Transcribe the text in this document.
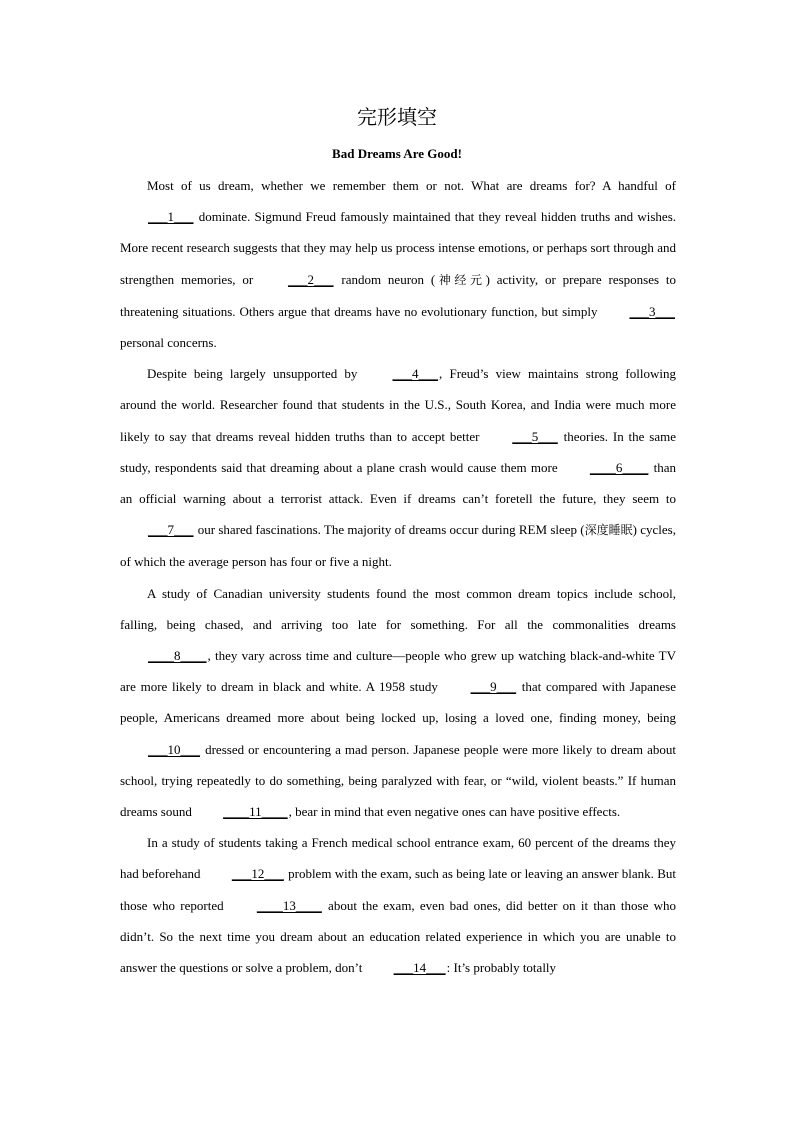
完形填空
Bad Dreams Are Good!

Most of us dream, whether we remember them or not. What are dreams for? A handful of ___1___ dominate. Sigmund Freud famously maintained that they reveal hidden truths and wishes. More recent research suggests that they may help us process intense emotions, or perhaps sort through and strengthen memories, or ___2___ random neuron (神经元) activity, or prepare responses to threatening situations. Others argue that dreams have no evolutionary function, but simply ___3___ personal concerns.

Despite being largely unsupported by ___4___, Freud’s view maintains strong following around the world. Researcher found that students in the U.S., South Korea, and India were much more likely to say that dreams reveal hidden truths than to accept better ___5___ theories. In the same study, respondents said that dreaming about a plane crash would cause them more ____6____ than an official warning about a terrorist attack. Even if dreams can’t foretell the future, they seem to ___7___ our shared fascinations. The majority of dreams occur during REM sleep (深度睡眠) cycles, of which the average person has four or five a night.

A study of Canadian university students found the most common dream topics include school, falling, being chased, and arriving too late for something. For all the commonalities dreams ____8____, they vary across time and culture—people who grew up watching black-and-white TV are more likely to dream in black and white. A 1958 study ___9___ that compared with Japanese people, Americans dreamed more about being locked up, losing a loved one, finding money, being ___10___ dressed or encountering a mad person. Japanese people were more likely to dream about school, trying repeatedly to do something, being paralyzed with fear, or “wild, violent beasts.” If human dreams sound ____11____, bear in mind that even negative ones can have positive effects.

In a study of students taking a French medical school entrance exam, 60 percent of the dreams they had beforehand ___12___ problem with the exam, such as being late or leaving an answer blank. But those who reported ____13____ about the exam, even bad ones, did better on it than those who didn’t. So the next time you dream about an education related experience in which you are unable to answer the questions or solve a problem, don’t ___14___: It’s probably totally
